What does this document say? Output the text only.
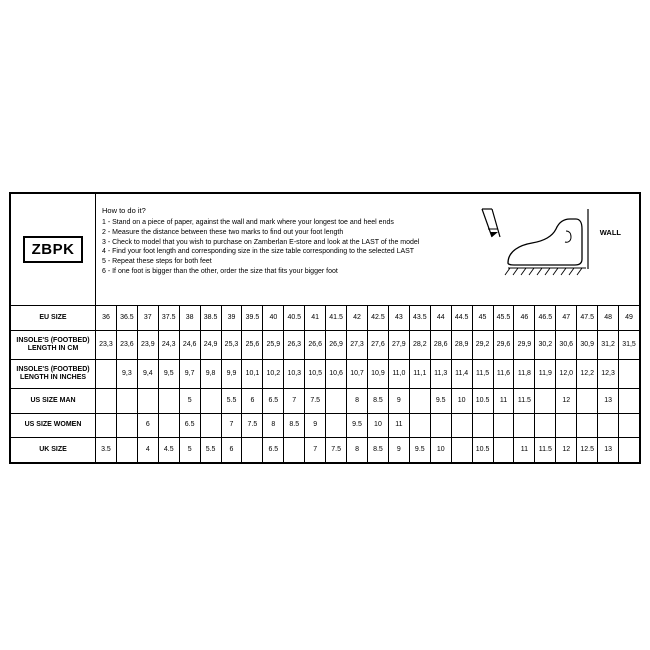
ZBPK	
How to do it?
1 - Stand on a piece of paper, against the wall and mark where your longest toe and heel ends
2 - Measure the distance between these two marks to find out your foot length
3 - Check to model that you wish to purchase on Zamberlan E-store and look at the LAST of the model
4 - Find your foot length and corresponding size in the size table corresponding to the selected LAST
5 - Repeat these steps for both feet
6 - If one foot is bigger than the other, order the size that fits your bigger foot
WALL

EU SIZE	36	36.5	37	37.5	38	38.5	39	39.5	40	40.5	41	41.5	42	42.5	43	43.5	44	44.5	45	45.5	46	46.5	47	47.5	48	49
INSOLE'S (FOOTBED) LENGTH IN CM	23,3	23,6	23,9	24,3	24,6	24,9	25,3	25,6	25,9	26,3	26,6	26,9	27,3	27,6	27,9	28,2	28,6	28,9	29,2	29,6	29,9	30,2	30,6	30,9	31,2	31,5
INSOLE'S (FOOTBED) LENGTH IN INCHES		9,3	9,4	9,5	9,7	9,8	9,9	10,1	10,2	10,3	10,5	10,6	10,7	10,9	11,0	11,1	11,3	11,4	11,5	11,6	11,8	11,9	12,0	12,2	12,3	
US SIZE MAN					5		5.5	6	6.5	7	7.5		8	8.5	9		9.5	10	10.5	11	11.5		12		13	
US SIZE WOMEN			6		6.5		7	7.5	8	8.5	9		9.5	10	11											
UK SIZE	3.5		4	4.5	5	5.5	6		6.5		7	7.5	8	8.5	9	9.5	10		10.5		11	11.5	12	12.5	13	
